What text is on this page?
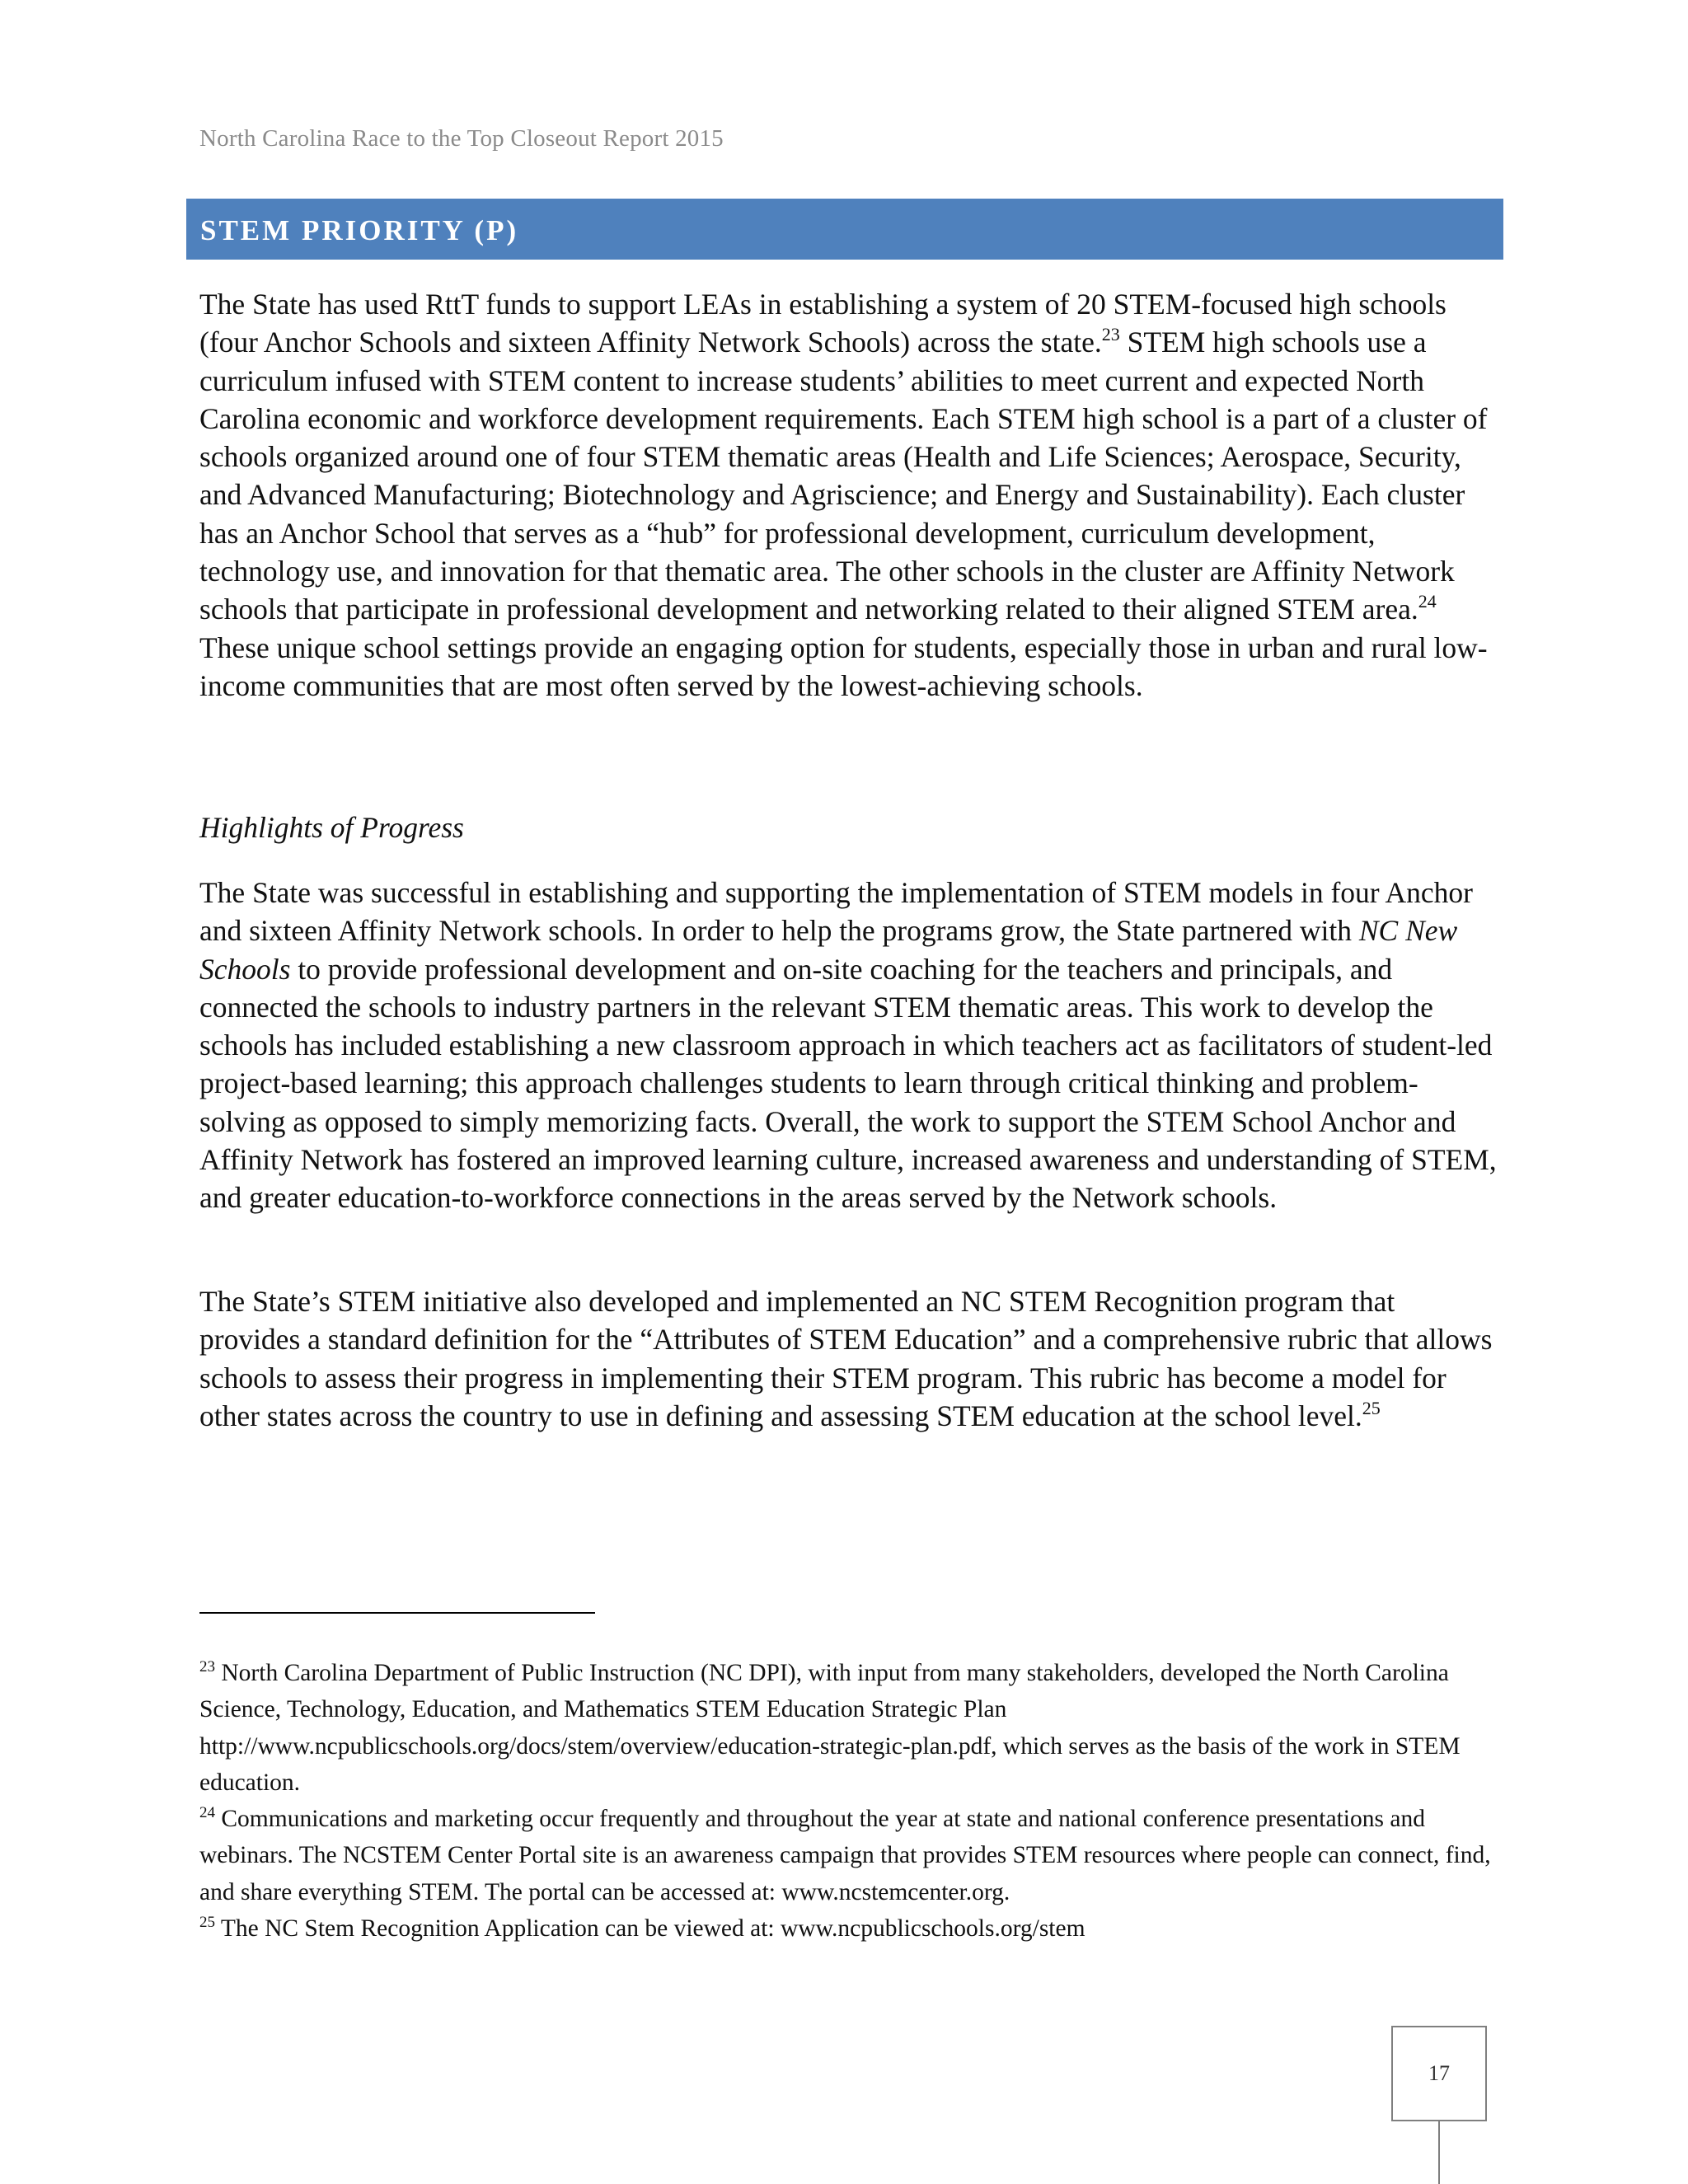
North Carolina Race to the Top Closeout Report 2015
STEM PRIORITY (P)

The State has used RttT funds to support LEAs in establishing a system of 20 STEM-focused high schools (four Anchor Schools and sixteen Affinity Network Schools) across the state.$^{23}$ STEM high schools use a curriculum infused with STEM content to increase students’ abilities to meet current and expected North Carolina economic and workforce development requirements. Each STEM high school is a part of a cluster of schools organized around one of four STEM thematic areas (Health and Life Sciences; Aerospace, Security, and Advanced Manufacturing; Biotechnology and Agriscience; and Energy and Sustainability). Each cluster has an Anchor School that serves as a “hub” for professional development, curriculum development, technology use, and innovation for that thematic area. The other schools in the cluster are Affinity Network schools that participate in professional development and networking related to their aligned STEM area.$^{24}$ These unique school settings provide an engaging option for students, especially those in urban and rural low-income communities that are most often served by the lowest-achieving schools.

Highlights of Progress

The State was successful in establishing and supporting the implementation of STEM models in four Anchor and sixteen Affinity Network schools. In order to help the programs grow, the State partnered with NC New Schools to provide professional development and on-site coaching for the teachers and principals, and connected the schools to industry partners in the relevant STEM thematic areas. This work to develop the schools has included establishing a new classroom approach in which teachers act as facilitators of student-led project-based learning; this approach challenges students to learn through critical thinking and problem-solving as opposed to simply memorizing facts. Overall, the work to support the STEM School Anchor and Affinity Network has fostered an improved learning culture, increased awareness and understanding of STEM, and greater education-to-workforce connections in the areas served by the Network schools.

The State’s STEM initiative also developed and implemented an NC STEM Recognition program that provides a standard definition for the “Attributes of STEM Education” and a comprehensive rubric that allows schools to assess their progress in implementing their STEM program. This rubric has become a model for other states across the country to use in defining and assessing STEM education at the school level.$^{25}$

$^{23}$ North Carolina Department of Public Instruction (NC DPI), with input from many stakeholders, developed the North Carolina Science, Technology, Education, and Mathematics STEM Education Strategic Plan http://www.ncpublicschools.org/docs/stem/overview/education-strategic-plan.pdf, which serves as the basis of the work in STEM education.

$^{24}$ Communications and marketing occur frequently and throughout the year at state and national conference presentations and webinars. The NCSTEM Center Portal site is an awareness campaign that provides STEM resources where people can connect, find, and share everything STEM. The portal can be accessed at: www.ncstemcenter.org.

$^{25}$ The NC Stem Recognition Application can be viewed at: www.ncpublicschools.org/stem

17
